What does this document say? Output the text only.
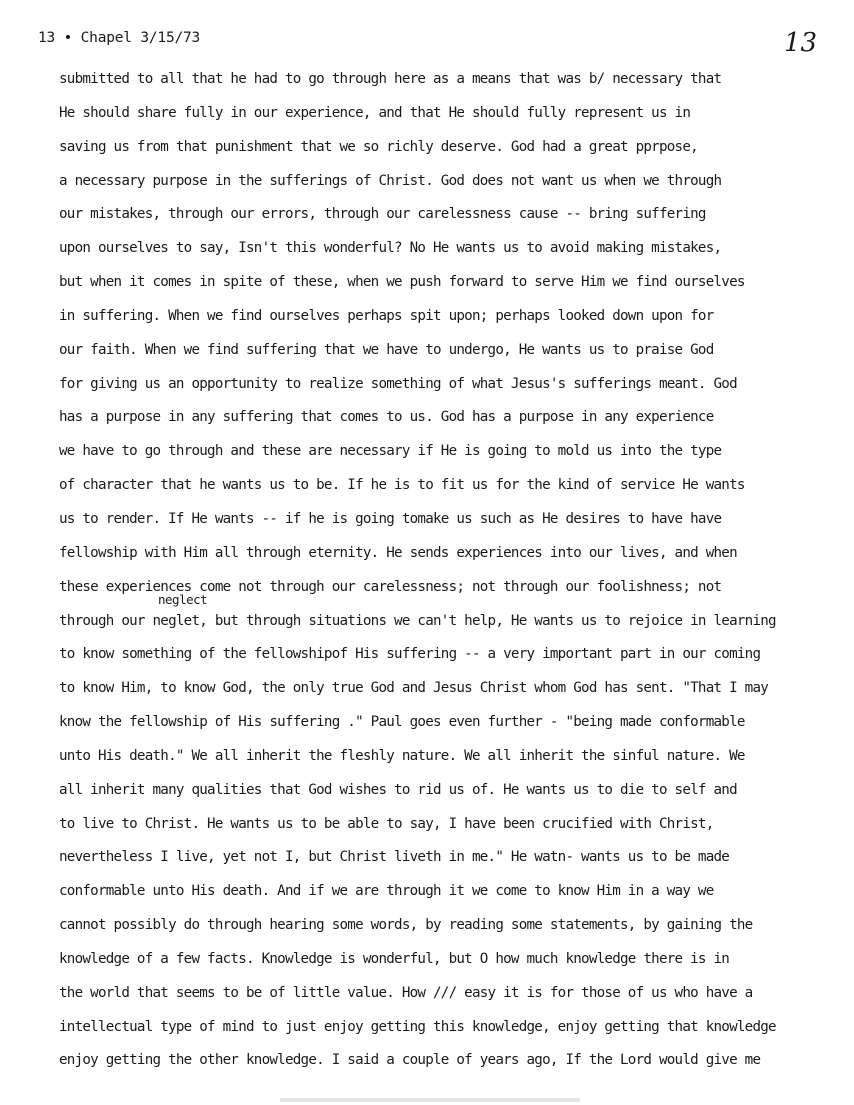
13 • Chapel 3/15/73	13
neglect
submitted to all that he had to go through here as a means that was b/ necessary that
He should share fully in our experience, and that He should fully represent us in
saving us from that punishment that we so richly deserve. God had a great pprpose,
a necessary purpose in the sufferings of Christ. God does not want us when we through
our mistakes, through our errors, through our carelessness cause -- bring suffering
upon ourselves to say, Isn't this wonderful? No He wants us to avoid making mistakes,
but when it comes in spite of these, when we push forward to serve Him we find ourselves
in suffering. When we find ourselves perhaps spit upon; perhaps looked down upon for
our faith. When we find suffering that we have to undergo, He wants us to praise God
for giving us an opportunity to realize something of what Jesus's sufferings meant. God
has a purpose in any suffering that comes to us. God has a purpose in any experience
we have to go through and these are necessary if He is going to mold us into the type
of character that he wants us to be. If he is to fit us for the kind of service He wants
us to render. If He wants -- if he is going tomake us such as He desires to have have
fellowship with Him all through eternity. He sends experiences into our lives, and when
these experiences come not through our carelessness; not through our foolishness; not
through our neglet, but through situations we can't help, He wants us to rejoice in learning
to know something of the fellowshipof His suffering -- a very important part in our coming
to know Him, to know God, the only true God and Jesus Christ whom God has sent. "That I may
know the fellowship of His suffering ." Paul goes even further - "being made conformable
unto His death." We all inherit the fleshly nature. We all inherit the sinful nature. We
all inherit many qualities that God wishes to rid us of. He wants us to die to self and
to live to Christ. He wants us to be able to say, I have been crucified with Christ,
nevertheless I live, yet not I, but Christ liveth in me." He watn- wants us to be made
conformable unto His death. And if we are through it we come to know Him in a way we
cannot possibly do through hearing some words, by reading some statements, by gaining the
knowledge of a few facts. Knowledge is wonderful, but O how much knowledge there is in
the world that seems to be of little value. How /// easy it is for those of us who have a
intellectual type of mind to just enjoy getting this knowledge, enjoy getting that knowledge
enjoy getting the other knowledge. I said a couple of years ago, If the Lord would give me
